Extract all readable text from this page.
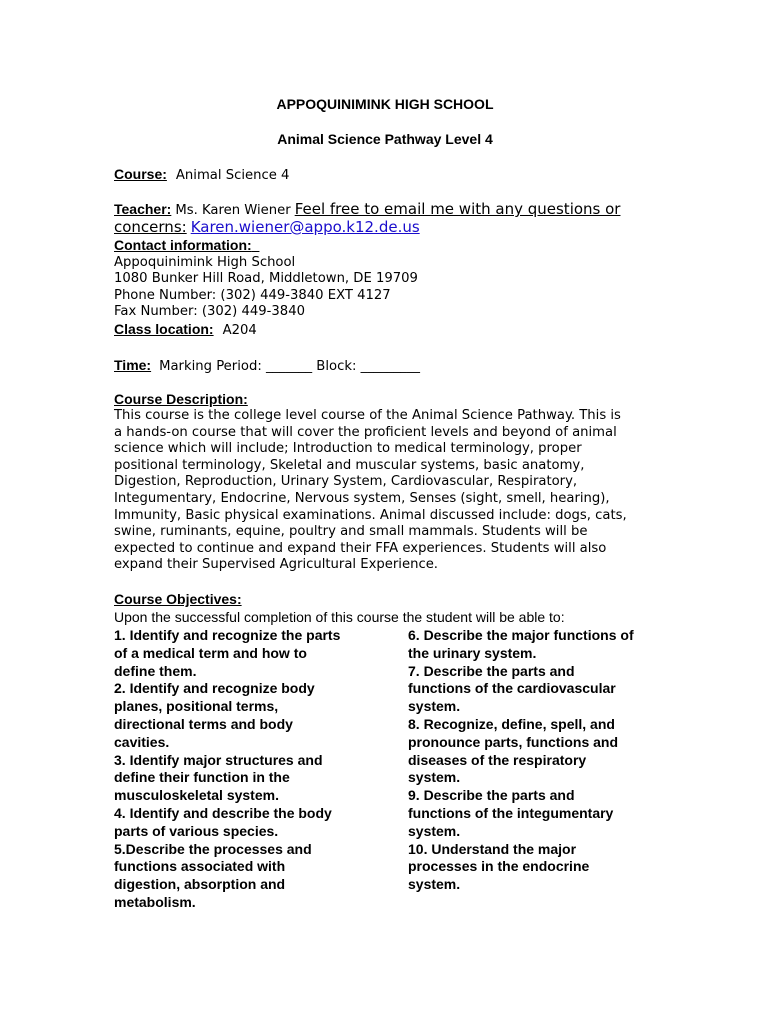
APPOQUINIMINK HIGH SCHOOL
Animal Science Pathway Level 4
Course: Animal Science 4
Teacher: Ms. Karen Wiener Feel free to email me with any questions or
concerns: Karen.wiener@appo.k12.de.us
Contact information:
Appoquinimink High School
1080 Bunker Hill Road, Middletown, DE 19709
Phone Number: (302) 449-3840 EXT 4127
Fax Number: (302) 449-3840
Class location: A204
Time: Marking Period: _______ Block: _________
Course Description:

This course is the college level course of the Animal Science Pathway. This is

a hands-on course that will cover the proficient levels and beyond of animal

science which will include; Introduction to medical terminology, proper

positional terminology, Skeletal and muscular systems, basic anatomy,

Digestion, Reproduction, Urinary System, Cardiovascular, Respiratory,

Integumentary, Endocrine, Nervous system, Senses (sight, smell, hearing),

Immunity, Basic physical examinations. Animal discussed include: dogs, cats,

swine, ruminants, equine, poultry and small mammals. Students will be

expected to continue and expand their FFA experiences. Students will also

expand their Supervised Agricultural Experience.

Course Objectives:
Upon the successful completion of this course the student will be able to:

1. Identify and recognize the parts

of a medical term and how to

define them.

2. Identify and recognize body

planes, positional terms,

directional terms and body

cavities.

3. Identify major structures and

define their function in the

musculoskeletal system.

4. Identify and describe the body

parts of various species.

5.Describe the processes and

functions associated with

digestion, absorption and

metabolism.

6. Describe the major functions of

the urinary system.

7. Describe the parts and

functions of the cardiovascular

system.

8. Recognize, define, spell, and

pronounce parts, functions and

diseases of the respiratory

system.

9. Describe the parts and

functions of the integumentary

system.

10. Understand the major

processes in the endocrine

system.
